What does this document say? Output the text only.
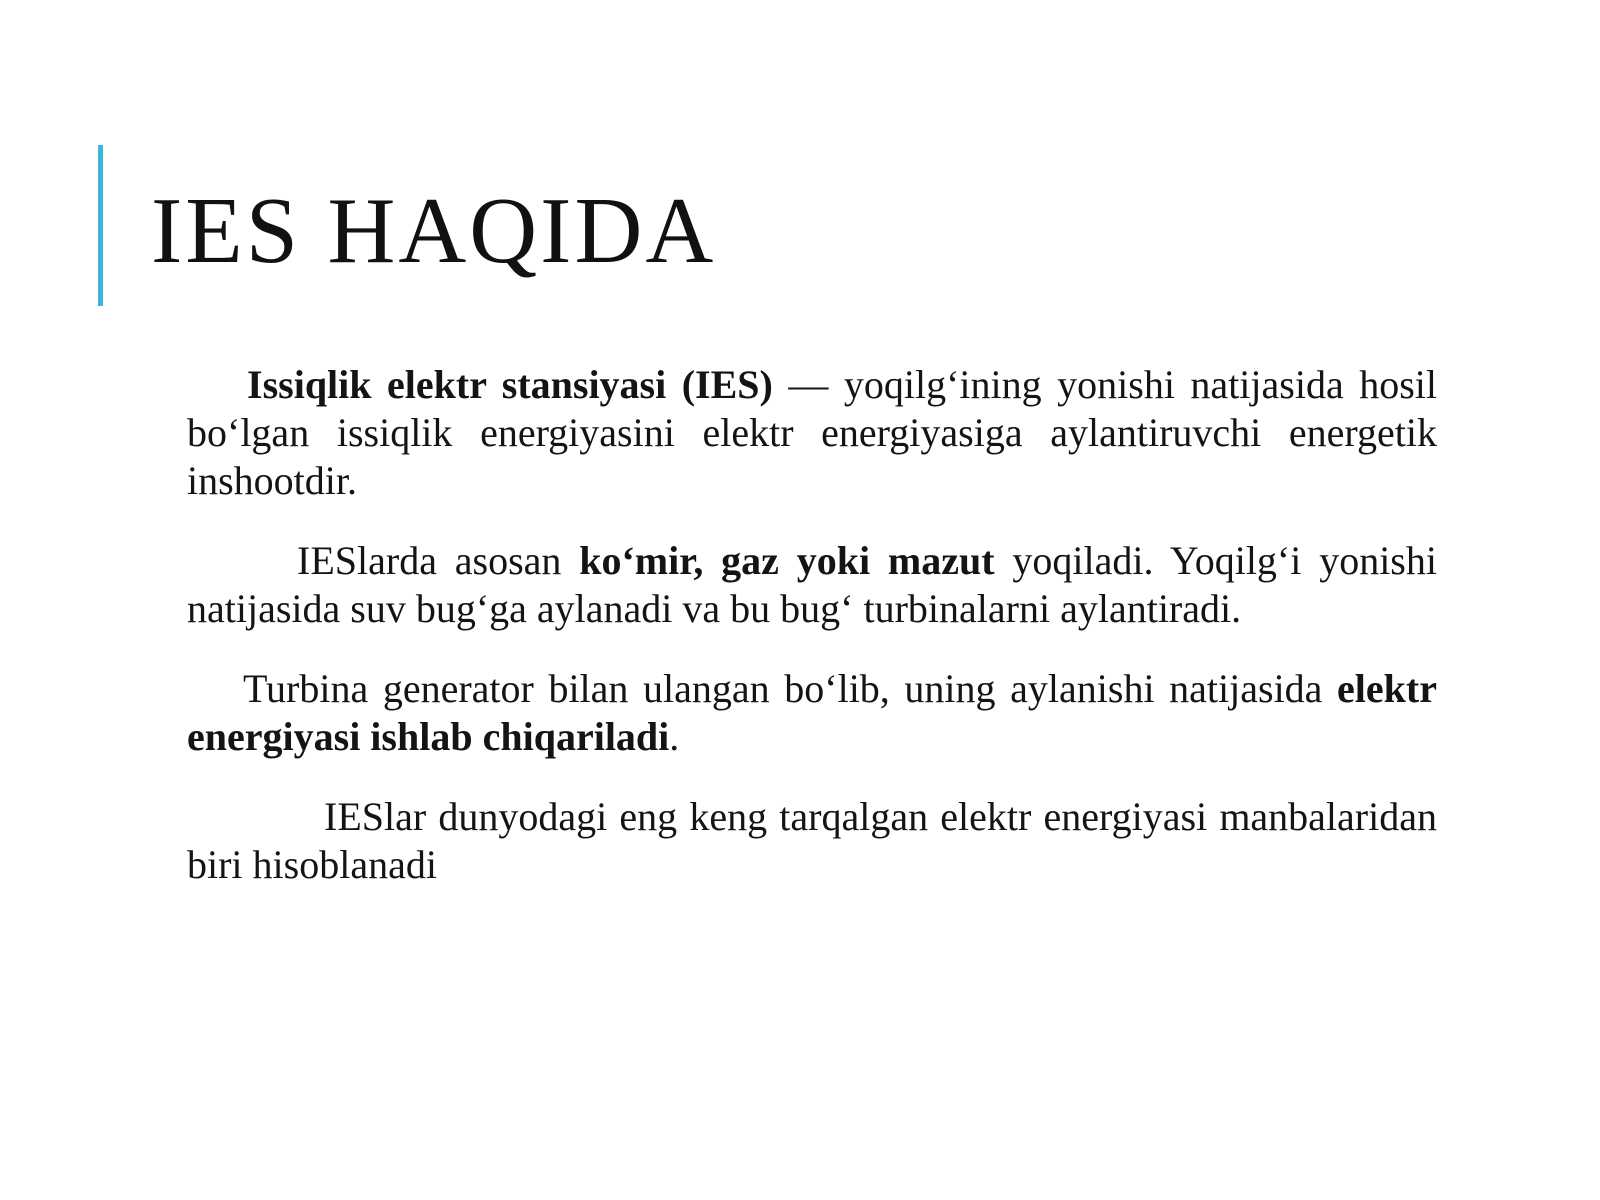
IES HAQIDA

Issiqlik elektr stansiyasi (IES) — yoqilg‘ining yonishi natijasida hosil bo‘lgan issiqlik energiyasini elektr energiyasiga aylantiruvchi energetik inshootdir.

IESlarda asosan ko‘mir, gaz yoki mazut yoqiladi. Yoqilg‘i yonishi natijasida suv bug‘ga aylanadi va bu bug‘ turbinalarni aylantiradi.

Turbina generator bilan ulangan bo‘lib, uning aylanishi natijasida elektr energiyasi ishlab chiqariladi.

IESlar dunyodagi eng keng tarqalgan elektr energiyasi manbalaridan biri hisoblanadi
